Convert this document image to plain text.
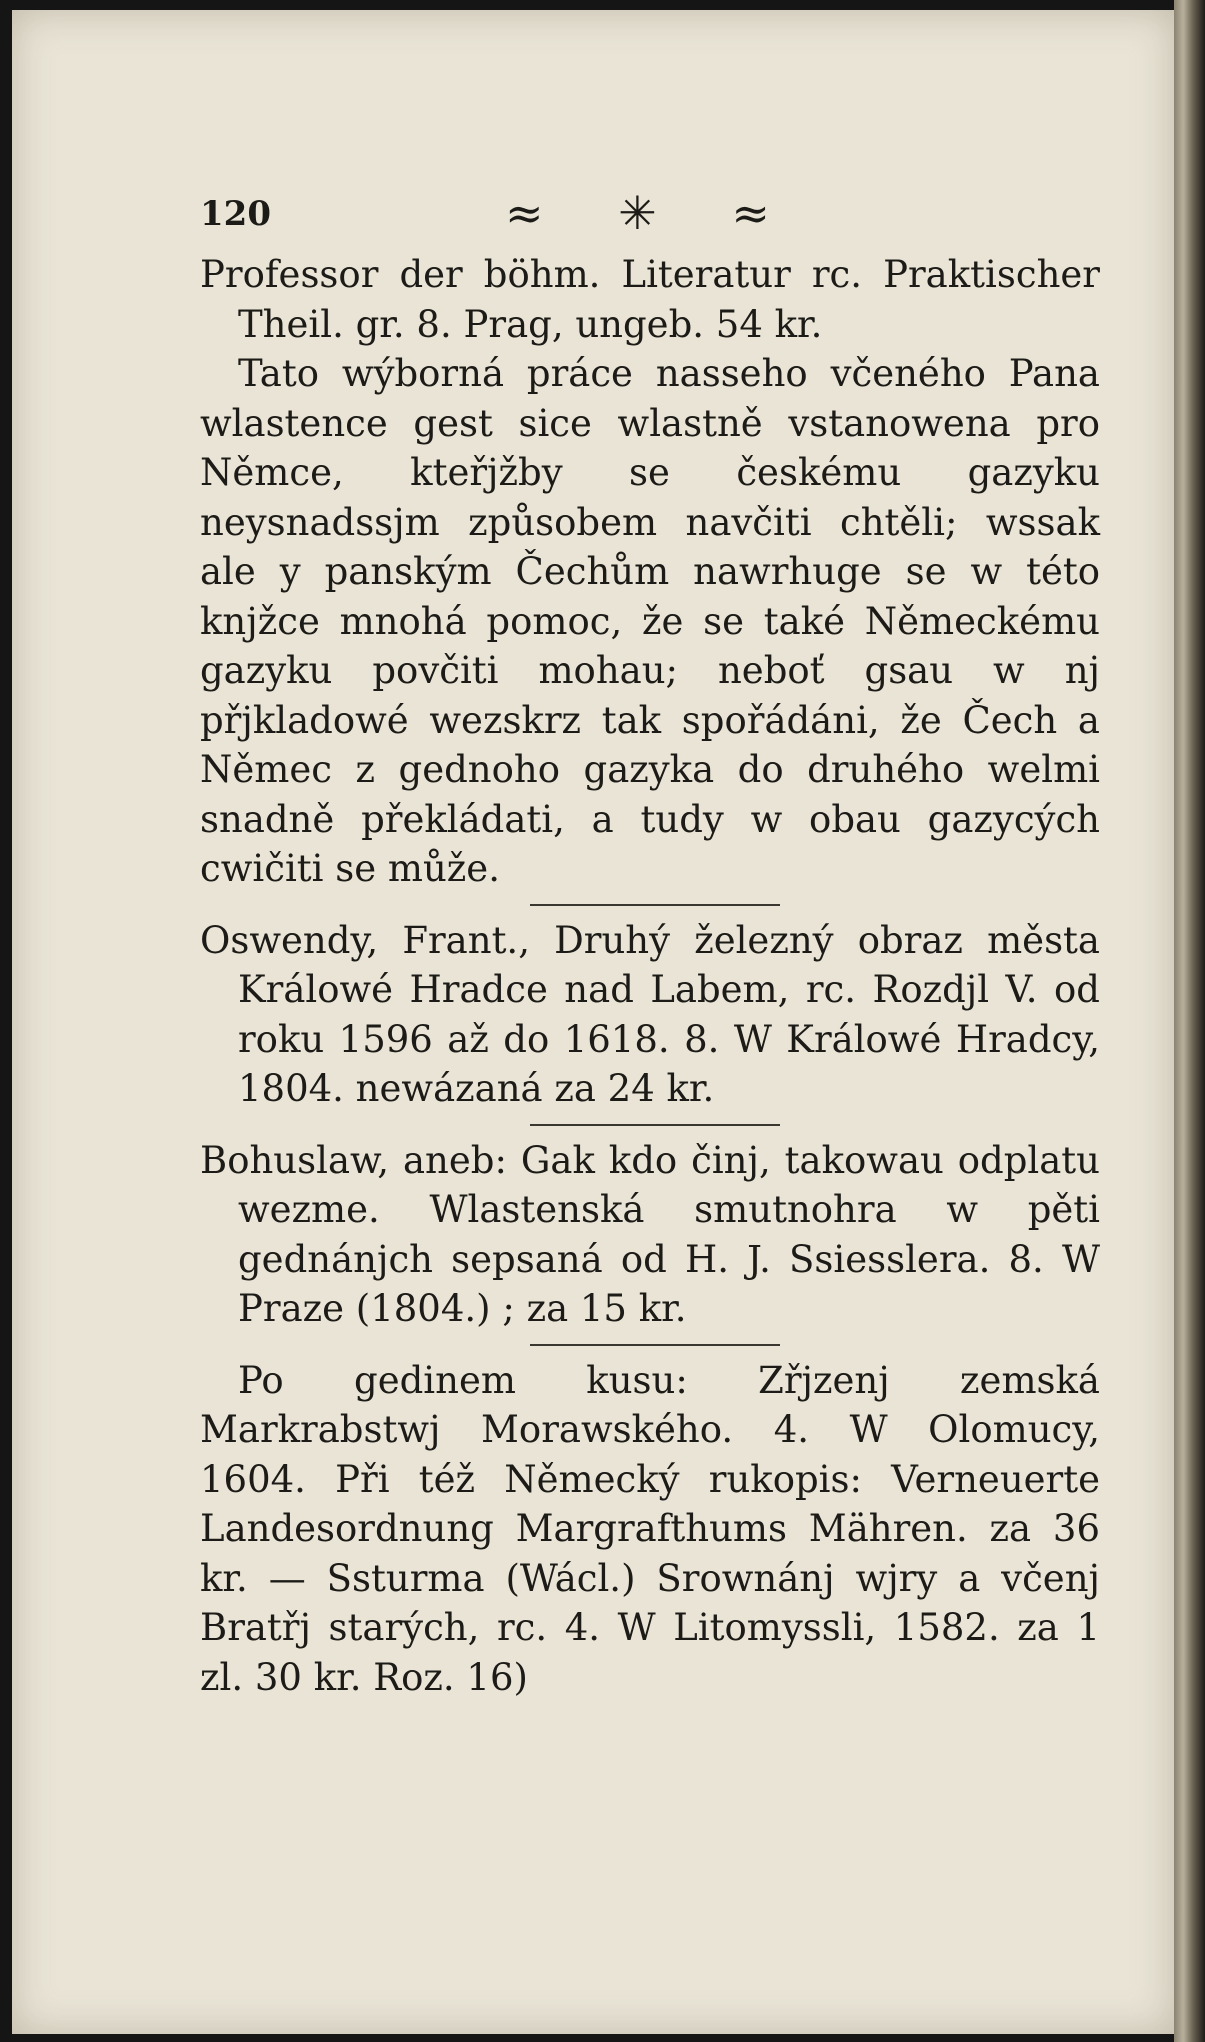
120	≈ ✳ ≈

Professor der böhm. Literatur rc. Praktischer Theil. gr. 8. Prag, ungeb. 54 kr.

Tato wýborná práce nasseho včeného Pana wlastence gest sice wlastně vstanowena pro Němce, kteřjžby se českému gazyku neysnadssjm způsobem navčiti chtěli; wssak ale y panským Čechům nawrhuge se w této knjžce mnohá pomoc, že se také Německému gazyku povčiti mohau; neboť gsau w nj přjkladowé wezskrz tak spořádáni, že Čech a Němec z gednoho gazyka do druhého welmi snadně překládati, a tudy w obau gazycých cwičiti se může.

Oswendy, Frant., Druhý železný obraz města Králowé Hradce nad Labem, rc. Rozdjl V. od roku 1596 až do 1618. 8. W Králowé Hradcy, 1804. newázaná za 24 kr.

Bohuslaw, aneb: Gak kdo činj, takowau odplatu wezme. Wlastenská smutnohra w pěti gednánjch sepsaná od H. J. Ssiesslera. 8. W Praze (1804.) ; za 15 kr.

Po gedinem kusu: Zřjzenj zemská Markrabstwj Morawského. 4. W Olomucy, 1604. Při též Německý rukopis: Verneuerte Landesordnung Margrafthums Mähren. za 36 kr. — Ssturma (Wácl.) Srownánj wjry a včenj Bratřj starých, rc. 4. W Litomyssli, 1582. za 1 zl. 30 kr. Roz. 16)
